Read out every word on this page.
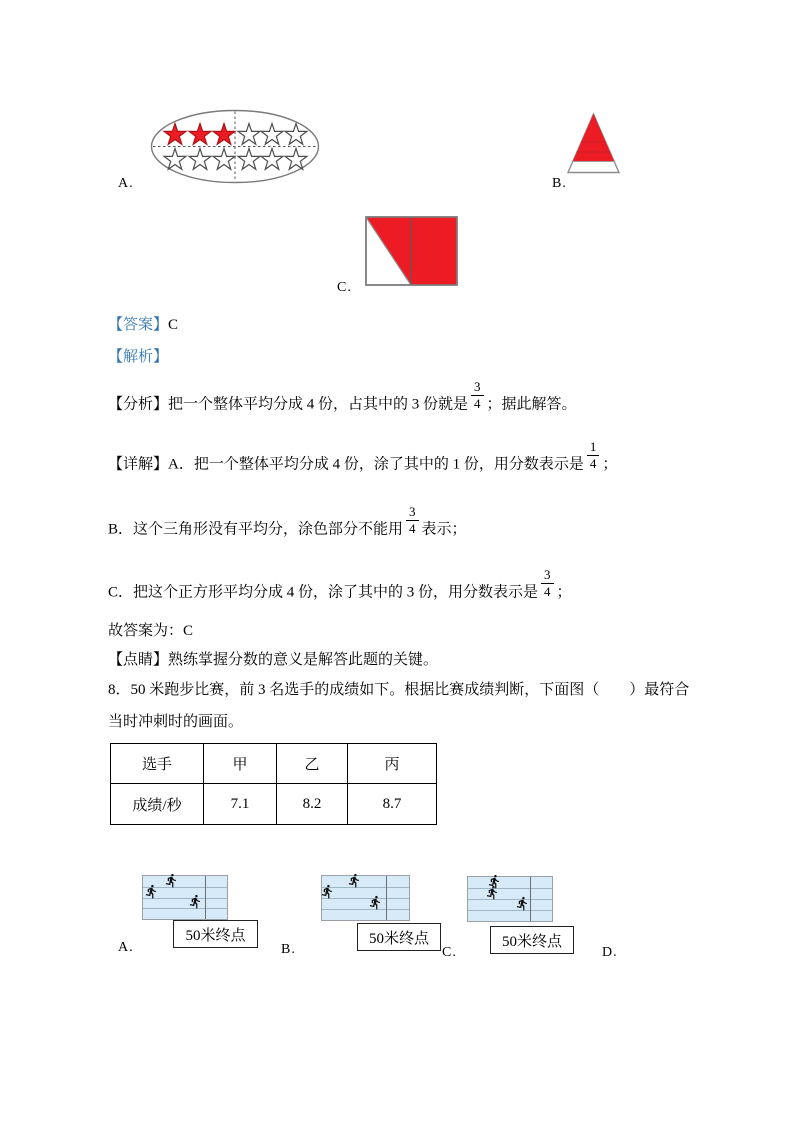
A.	B.
C.
【答案】C
【解析】
【分析】把一个整体平均分成 4 份，占其中的 3 份就是 $\frac{3}{4}$ ；据此解答。
【详解】A．把一个整体平均分成 4 份，涂了其中的 1 份，用分数表示是 $\frac{1}{4}$ ；
B．这个三角形没有平均分，涂色部分不能用 $\frac{3}{4}$ 表示；
C．把这个正方形平均分成 4 份，涂了其中的 3 份，用分数表示是 $\frac{3}{4}$ ；
故答案为：C
【点睛】熟练掌握分数的意义是解答此题的关键。
8．50 米跑步比赛，前 3 名选手的成绩如下。根据比赛成绩判断，下面图（　　）最符合
当时冲刺时的画面。
选手	甲	乙	丙
成绩/秒	7.1	8.2	8.7
50米终点	50米终点	50米终点
A.	B.	C.	D.
